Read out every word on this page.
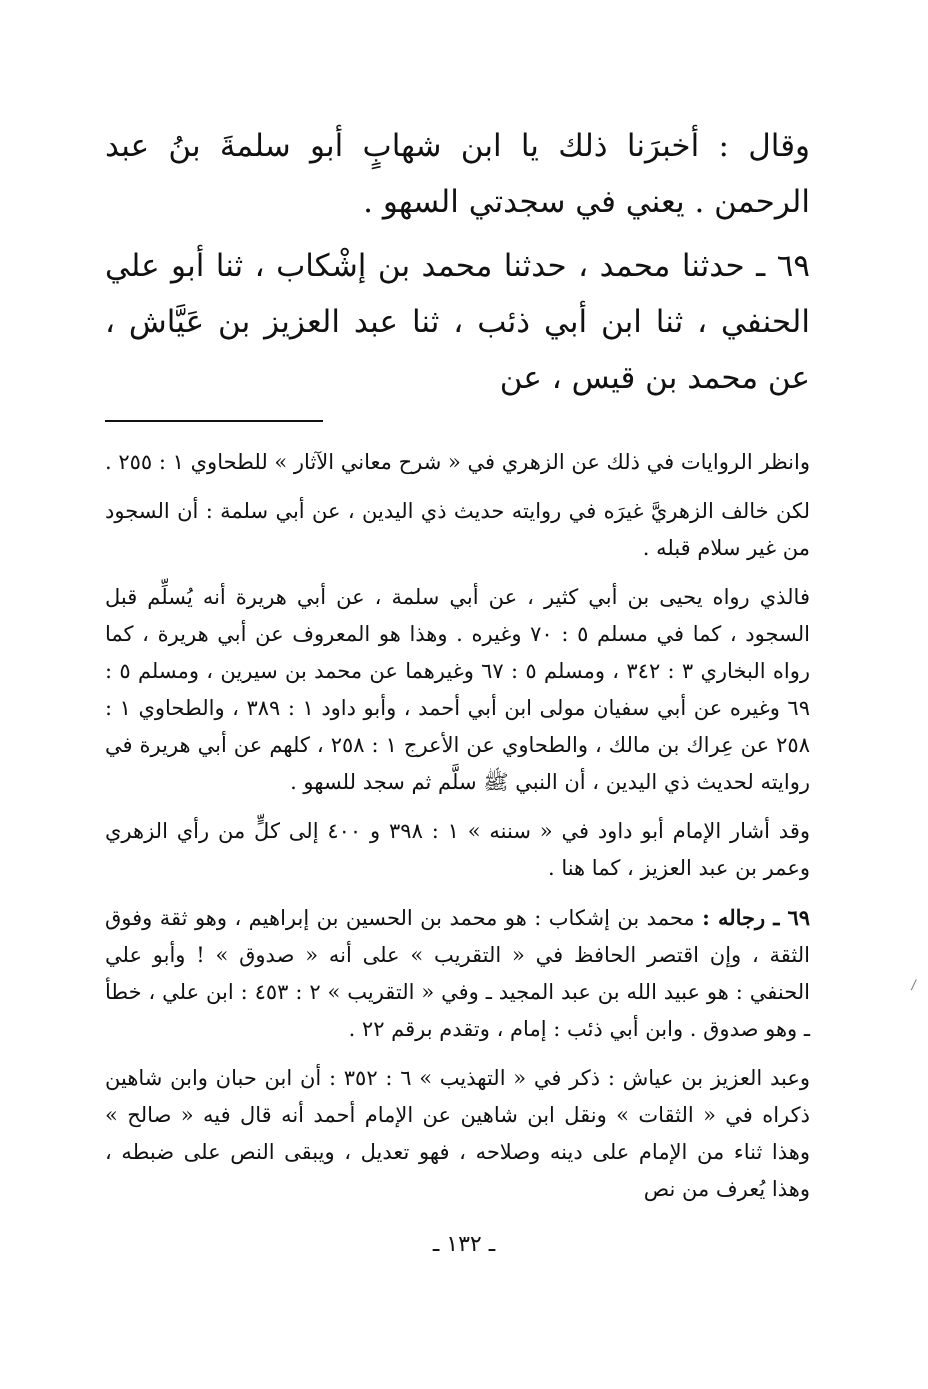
وقال : أخبرَنا ذلك يا ابن شهابٍ أبو سلمةَ بنُ عبد الرحمن . يعني في سجدتي السهو .

٦٩ ـ حدثنا محمد ، حدثنا محمد بن إشْكاب ، ثنا أبو علي الحنفي ، ثنا ابن أبي ذئب ، ثنا عبد العزيز بن عَيَّاش ، عن محمد بن قيس ، عن

وانظر الروايات في ذلك عن الزهري في « شرح معاني الآثار » للطحاوي ١ : ٢٥٥ .

لكن خالف الزهريَّ غيرَه في روايته حديث ذي اليدين ، عن أبي سلمة : أن السجود من غير سلام قبله .

فالذي رواه يحيى بن أبي كثير ، عن أبي سلمة ، عن أبي هريرة أنه يُسلِّم قبل السجود ، كما في مسلم ٥ : ٧٠ وغيره . وهذا هو المعروف عن أبي هريرة ، كما رواه البخاري ٣ : ٣٤٢ ، ومسلم ٥ : ٦٧ وغيرهما عن محمد بن سيرين ، ومسلم ٥ : ٦٩ وغيره عن أبي سفيان مولى ابن أبي أحمد ، وأبو داود ١ : ٣٨٩ ، والطحاوي ١ : ٢٥٨ عن عِراك بن مالك ، والطحاوي عن الأعرج ١ : ٢٥٨ ، كلهم عن أبي هريرة في روايته لحديث ذي اليدين ، أن النبي ﷺ سلَّم ثم سجد للسهو .

وقد أشار الإمام أبو داود في « سننه » ١ : ٣٩٨ و ٤٠٠ إلى كلٍّ من رأي الزهري وعمر بن عبد العزيز ، كما هنا .

٦٩ ـ رجاله : محمد بن إشكاب : هو محمد بن الحسين بن إبراهيم ، وهو ثقة وفوق الثقة ، وإن اقتصر الحافظ في « التقريب » على أنه « صدوق » ! وأبو علي الحنفي : هو عبيد الله بن عبد المجيد ـ وفي « التقريب » ٢ : ٤٥٣ : ابن علي ، خطأ ـ وهو صدوق . وابن أبي ذئب : إمام ، وتقدم برقم ٢٢ .

وعبد العزيز بن عياش : ذكر في « التهذيب » ٦ : ٣٥٢ : أن ابن حبان وابن شاهين ذكراه في « الثقات » ونقل ابن شاهين عن الإمام أحمد أنه قال فيه « صالح » وهذا ثناء من الإمام على دينه وصلاحه ، فهو تعديل ، ويبقى النص على ضبطه ، وهذا يُعرف من نص

ـ ١٣٢ ـ
